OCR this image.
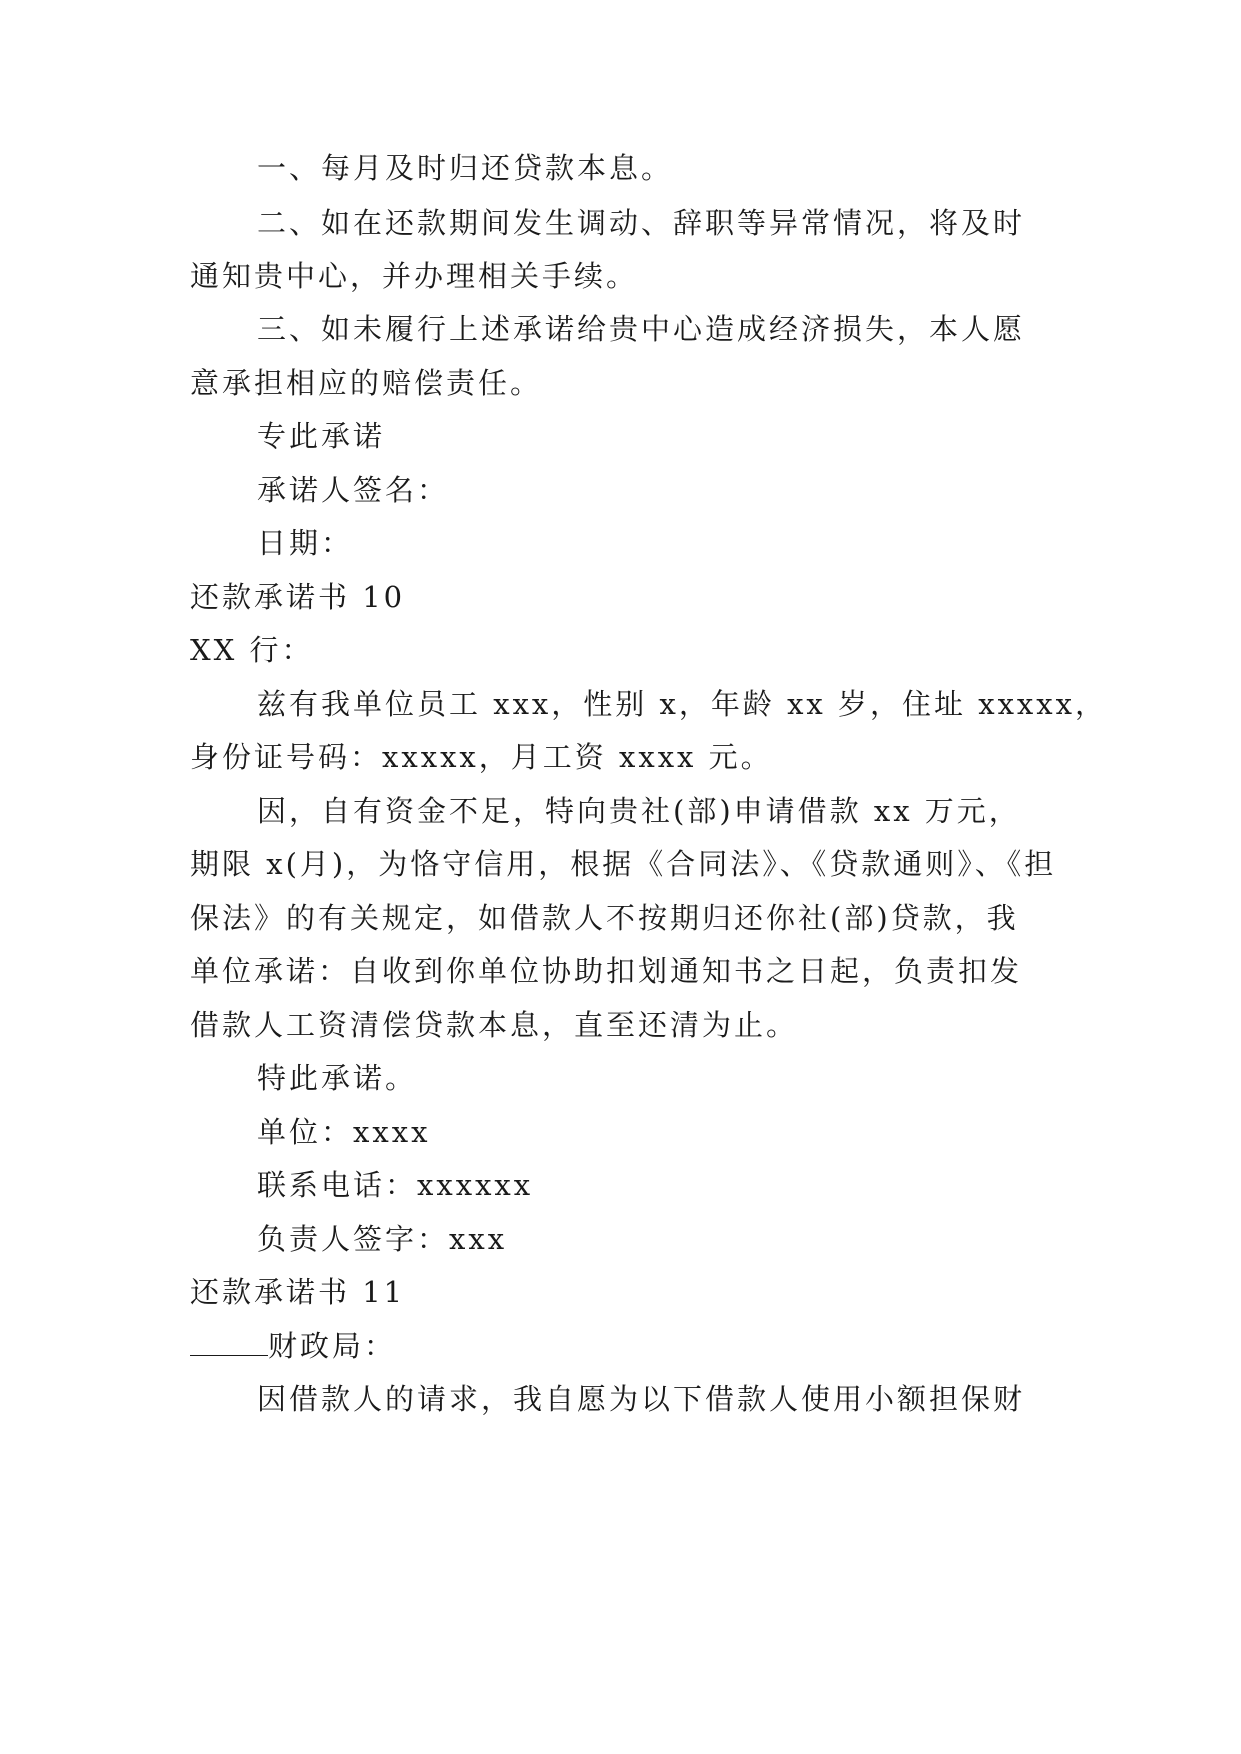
一、每月及时归还贷款本息。
二、如在还款期间发生调动、辞职等异常情况，将及时
通知贵中心，并办理相关手续。
三、如未履行上述承诺给贵中心造成经济损失，本人愿
意承担相应的赔偿责任。
专此承诺
承诺人签名：
日期：
还款承诺书 10
XX 行：
兹有我单位员工 xxx，性别 x，年龄 xx 岁，住址 xxxxx，
身份证号码：xxxxx，月工资 xxxx 元。
因，自有资金不足，特向贵社(部)申请借款 xx 万元，
期限 x(月)，为恪守信用，根据《合同法》、《贷款通则》、《担
保法》的有关规定，如借款人不按期归还你社(部)贷款，我
单位承诺：自收到你单位协助扣划通知书之日起，负责扣发
借款人工资清偿贷款本息，直至还清为止。
特此承诺。
单位：xxxx
联系电话：xxxxxx
负责人签字：xxx
还款承诺书 11
财政局：
因借款人的请求，我自愿为以下借款人使用小额担保财
